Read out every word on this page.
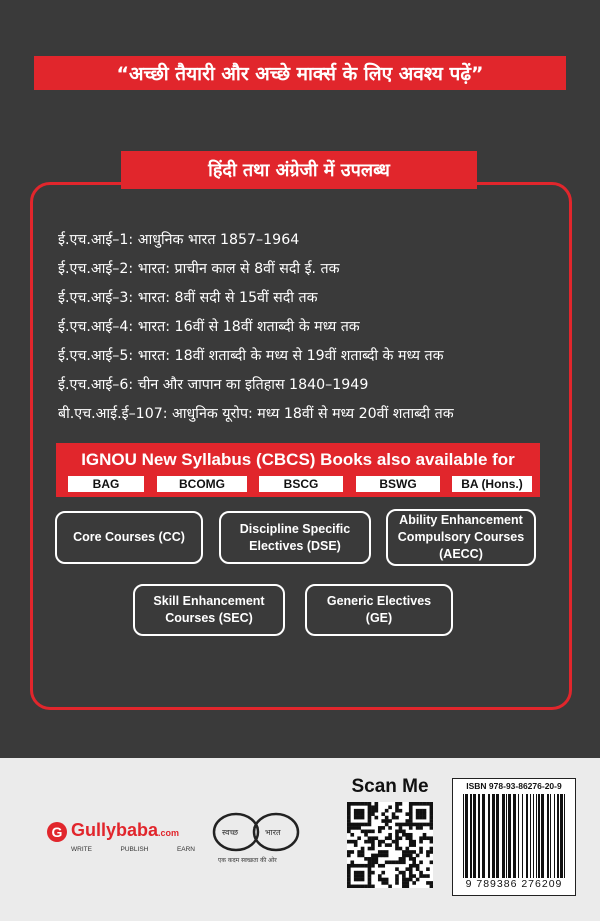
“अच्छी तैयारी और अच्छे मार्क्स के लिए अवश्य पढ़ें”
हिंदी तथा अंग्रेजी में उपलब्ध
ई.एच.आई–1: आधुनिक भारत 1857–1964
ई.एच.आई–2: भारत: प्राचीन काल से 8वीं सदी ई. तक
ई.एच.आई–3: भारत: 8वीं सदी से 15वीं सदी तक
ई.एच.आई–4: भारत: 16वीं से 18वीं शताब्दी के मध्य तक
ई.एच.आई–5: भारत: 18वीं शताब्दी के मध्य से 19वीं शताब्दी के मध्य तक
ई.एच.आई–6: चीन और जापान का इतिहास 1840–1949
बी.एच.आई.ई–107: आधुनिक यूरोप: मध्य 18वीं से मध्य 20वीं शताब्दी तक
IGNOU New Syllabus (CBCS) Books also available for
BAG	BCOMG	BSCG	BSWG	BA (Hons.)
Core Courses (CC)
Discipline Specific Electives (DSE)
Ability Enhancement Compulsory Courses (AECC)
Skill Enhancement Courses (SEC)
Generic Electives (GE)
G Gullybaba.com
WRITE	PUBLISH	EARN
स्वच्छ	भारत
एक कदम स्वच्छता की ओर
Scan Me	ISBN 978-93-86276-20-9
9 789386 276209
